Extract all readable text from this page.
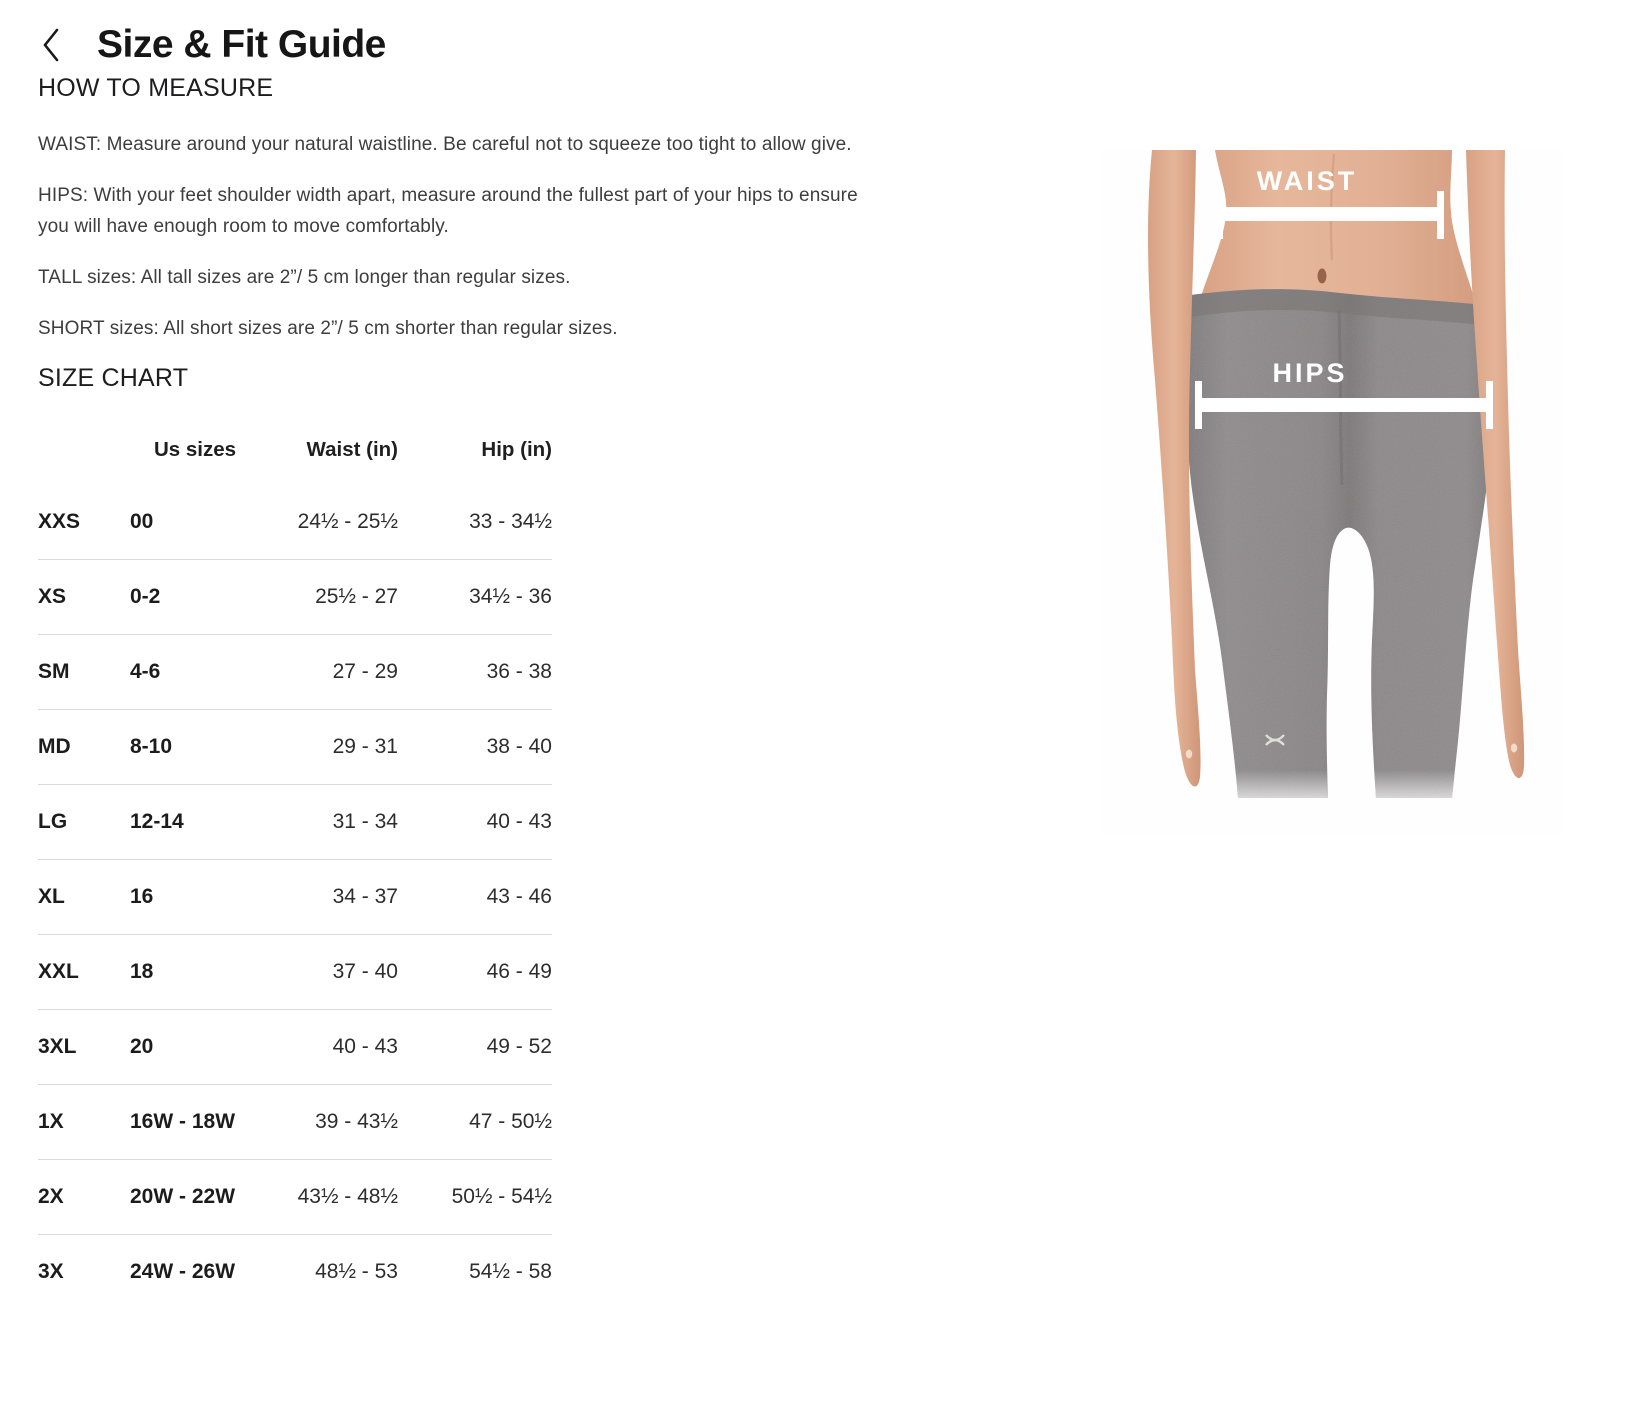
Size & Fit Guide
HOW TO MEASURE

WAIST: Measure around your natural waistline. Be careful not to squeeze too tight to allow give.

HIPS: With your feet shoulder width apart, measure around the fullest part of your hips to ensure you will have enough room to move comfortably.

TALL sizes: All tall sizes are 2”/ 5 cm longer than regular sizes.

SHORT sizes: All short sizes are 2”/ 5 cm shorter than regular sizes.

SIZE CHART
	Us sizes	Waist (in)	Hip (in)
XXS	00	24½ - 25½	33 - 34½
XS	0-2	25½ - 27	34½ - 36
SM	4-6	27 - 29	36 - 38
MD	8-10	29 - 31	38 - 40
LG	12-14	31 - 34	40 - 43
XL	16	34 - 37	43 - 46
XXL	18	37 - 40	46 - 49
3XL	20	40 - 43	49 - 52
1X	16W - 18W	39 - 43½	47 - 50½
2X	20W - 22W	43½ - 48½	50½ - 54½
3X	24W - 26W	48½ - 53	54½ - 58
WAIST
HIPS
